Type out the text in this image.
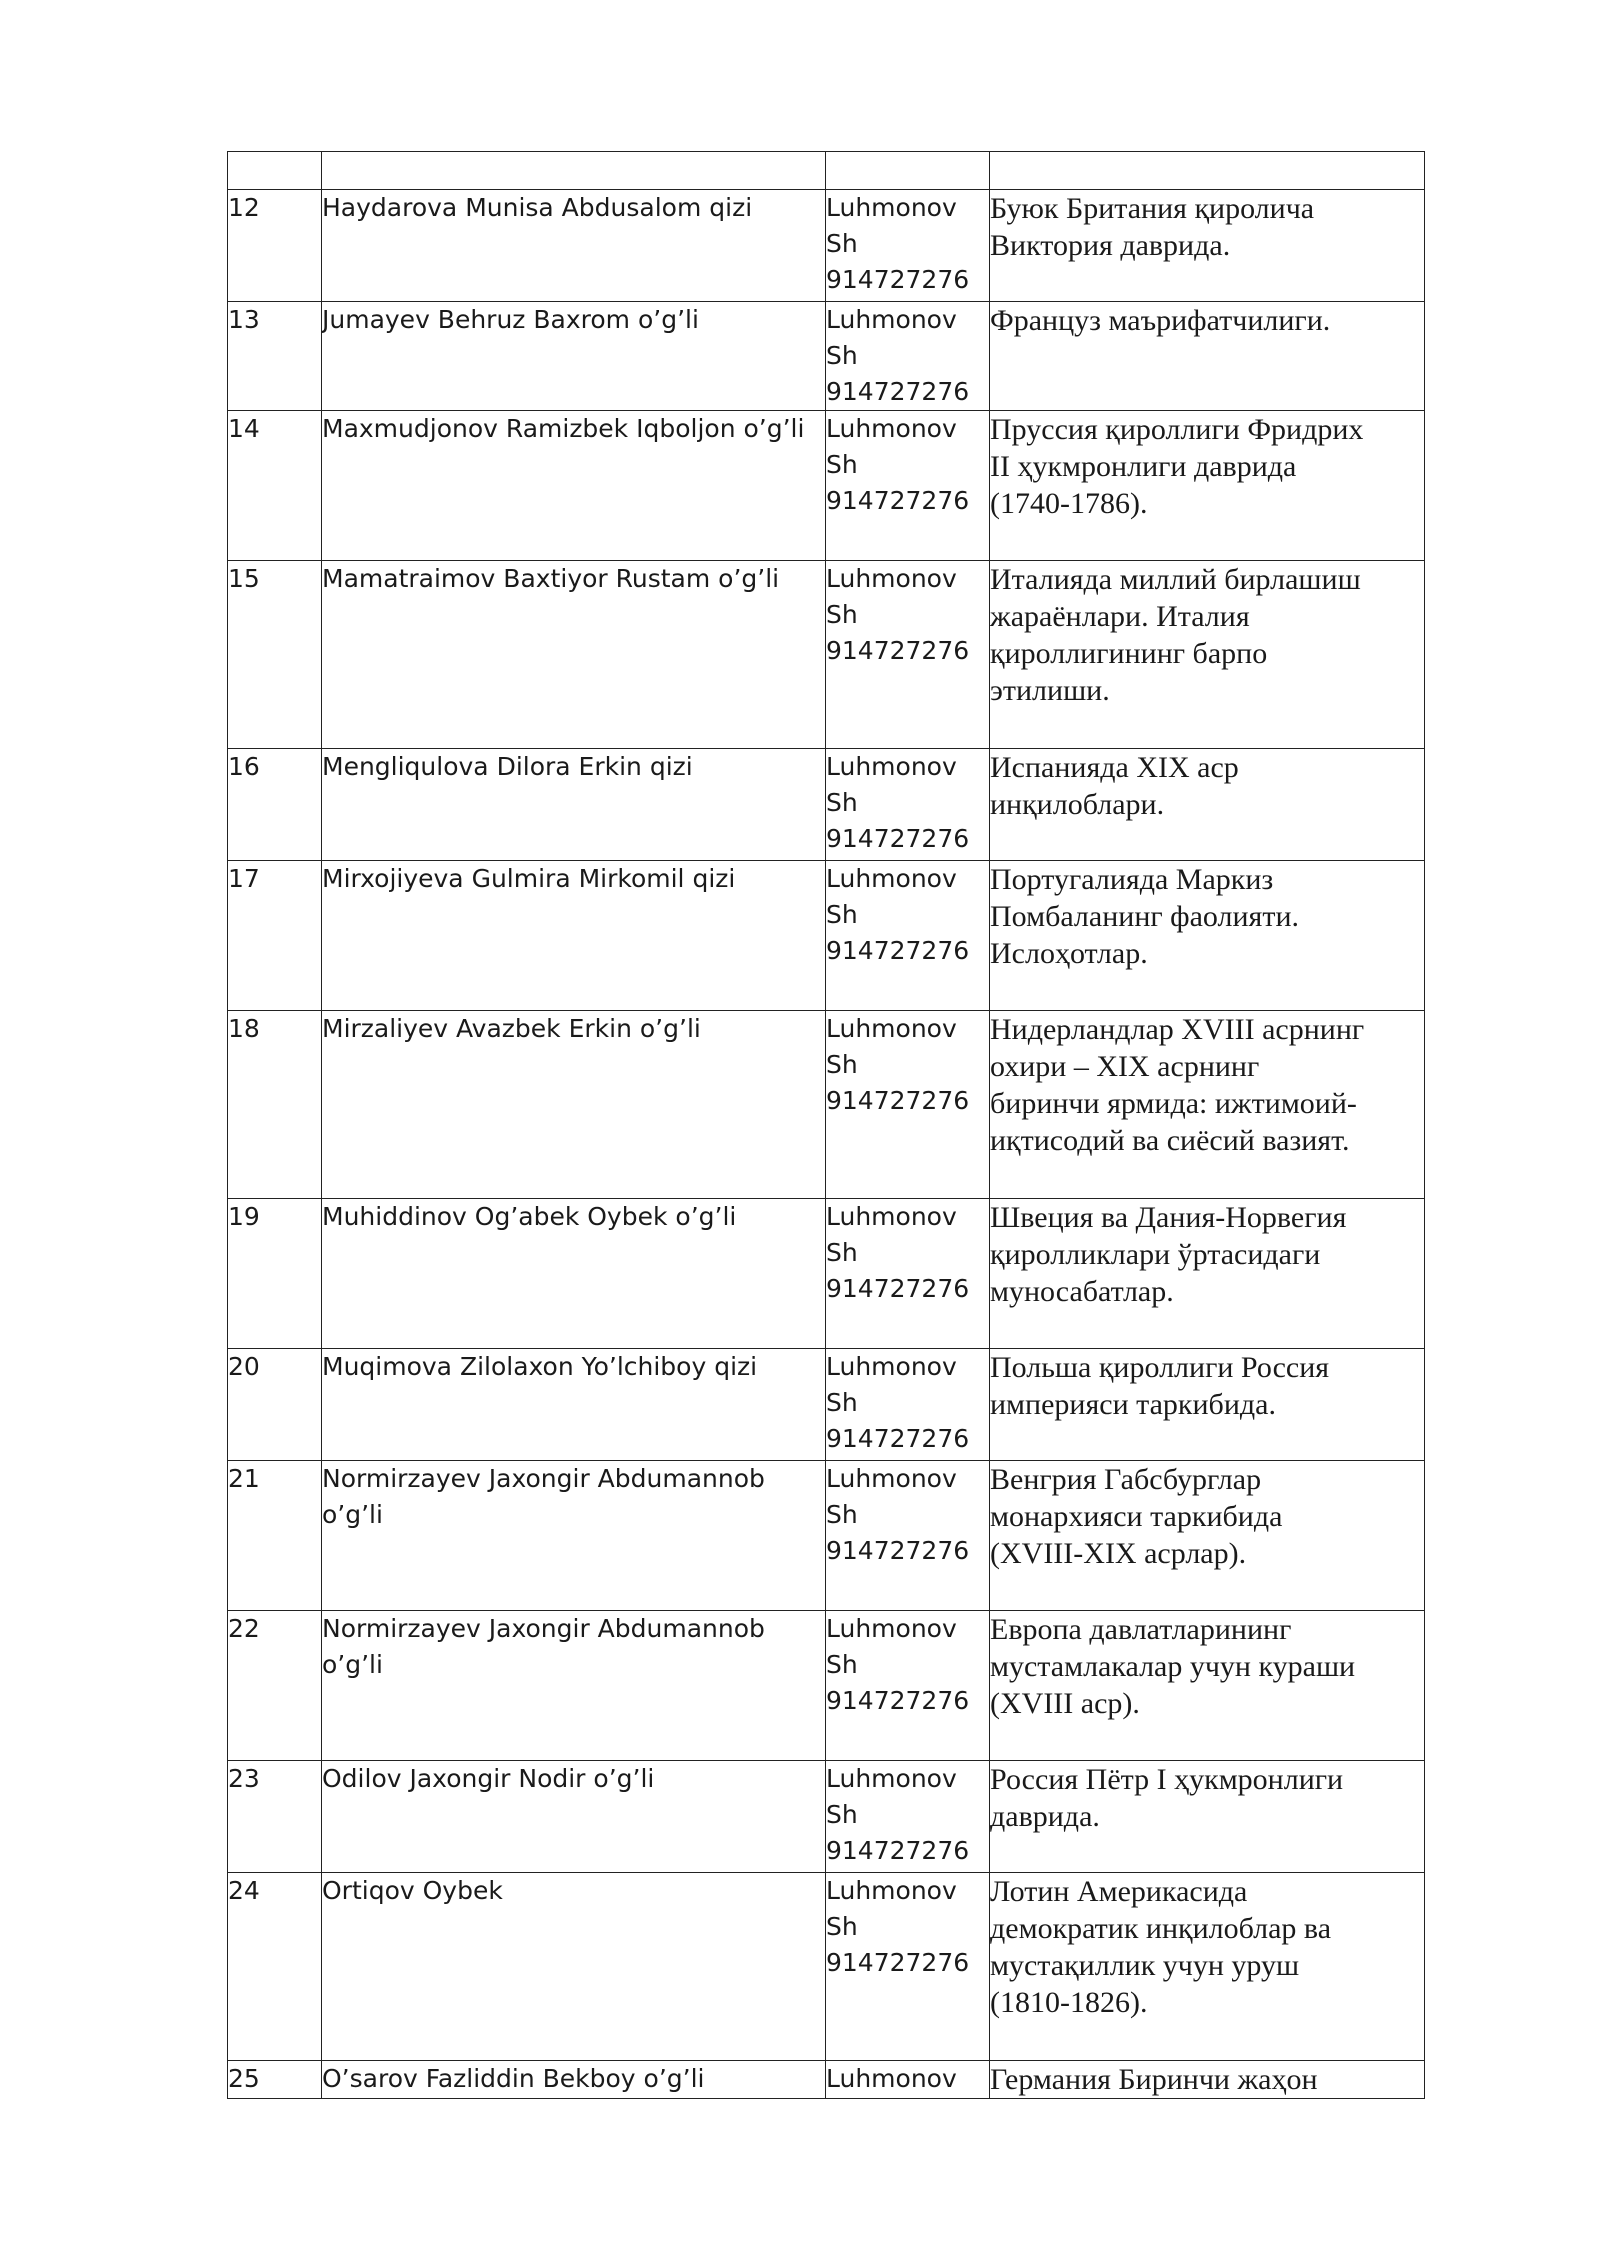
12	Haydarova Munisa Abdusalom qizi	Luhmonov
Sh
914727276	Буюк Британия қиролича
Виктория даврида.

13	Jumayev Behruz Baxrom o’g’li	Luhmonov
Sh
914727276	Француз маърифатчилиги.

14	Maxmudjonov Ramizbek Iqboljon o’g’li	Luhmonov
Sh
914727276	Пруссия қироллиги Фридрих
II ҳукмронлиги даврида
(1740-1786).

15	Mamatraimov Baxtiyor Rustam o’g’li	Luhmonov
Sh
914727276	Италияда миллий бирлашиш
жараёнлари. Италия
қироллигининг барпо
этилиши.

16	Mengliqulova Dilora Erkin qizi	Luhmonov
Sh
914727276	Испанияда XIX аср
инқилоблари.

17	Mirxojiyeva Gulmira Mirkomil qizi	Luhmonov
Sh
914727276	Португалияда Маркиз
Помбаланинг фаолияти.
Ислоҳотлар.

18	Mirzaliyev Avazbek Erkin o’g’li	Luhmonov
Sh
914727276	Нидерландлар XVIII асрнинг
охири – XIX асрнинг
биринчи ярмида: ижтимоий-
иқтисодий ва сиёсий вазият.

19	Muhiddinov Og’abek Oybek o’g’li	Luhmonov
Sh
914727276	Швеция ва Дания-Норвегия
қиролликлари ўртасидаги
муносабатлар.

20	Muqimova Zilolaxon Yo’lchiboy qizi	Luhmonov
Sh
914727276	Польша қироллиги Россия
империяси таркибида.

21	Normirzayev Jaxongir Abdumannob o’g’li	Luhmonov
Sh
914727276	Венгрия Габсбурглар
монархияси таркибида
(XVIII-XIX асрлар).

22	Normirzayev Jaxongir Abdumannob
o’g’li	Luhmonov
Sh
914727276	Европа давлатларининг
мустамлакалар учун кураши
(XVIII аср).

23	Odilov Jaxongir Nodir o’g’li	Luhmonov
Sh
914727276	Россия Пётр I ҳукмронлиги
даврида.

24	Ortiqov Oybek	Luhmonov
Sh
914727276	Лотин Америкасида
демократик инқилоблар ва
мустақиллик учун уруш
(1810-1826).

25	O’sarov Fazliddin Bekboy o’g’li	Luhmonov	Германия Биринчи жаҳон
